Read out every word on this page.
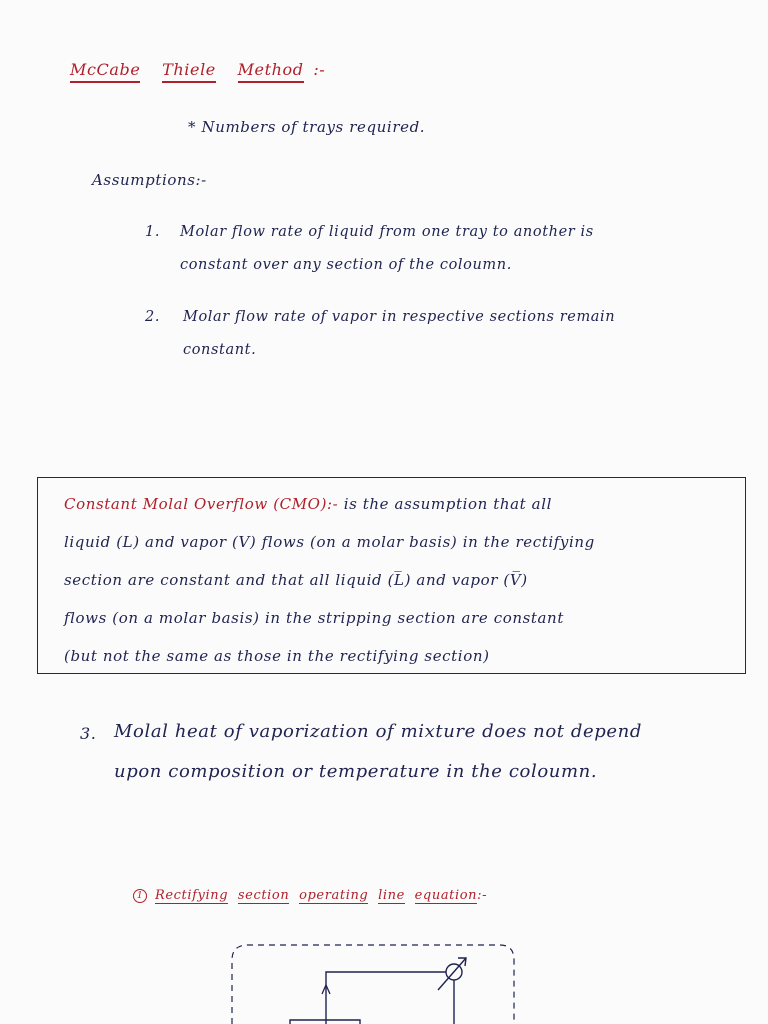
McCabe Thiele Method :-
* Numbers of trays required.
Assumptions:-
1. Molar flow rate of liquid from one tray to another is
constant over any section of the coloumn.
2. Molar flow rate of vapor in respective sections remain
constant.
Constant Molal Overflow (CMO):- is the assumption that all
liquid (L) and vapor (V) flows (on a molar basis) in the rectifying
section are constant and that all liquid (L̅) and vapor (V̅)
flows (on a molar basis) in the stripping section are constant
(but not the same as those in the rectifying section)
3. Molal heat of vaporization of mixture does not depend
upon composition or temperature in the coloumn.
1 Rectifying section operating line equation:-
